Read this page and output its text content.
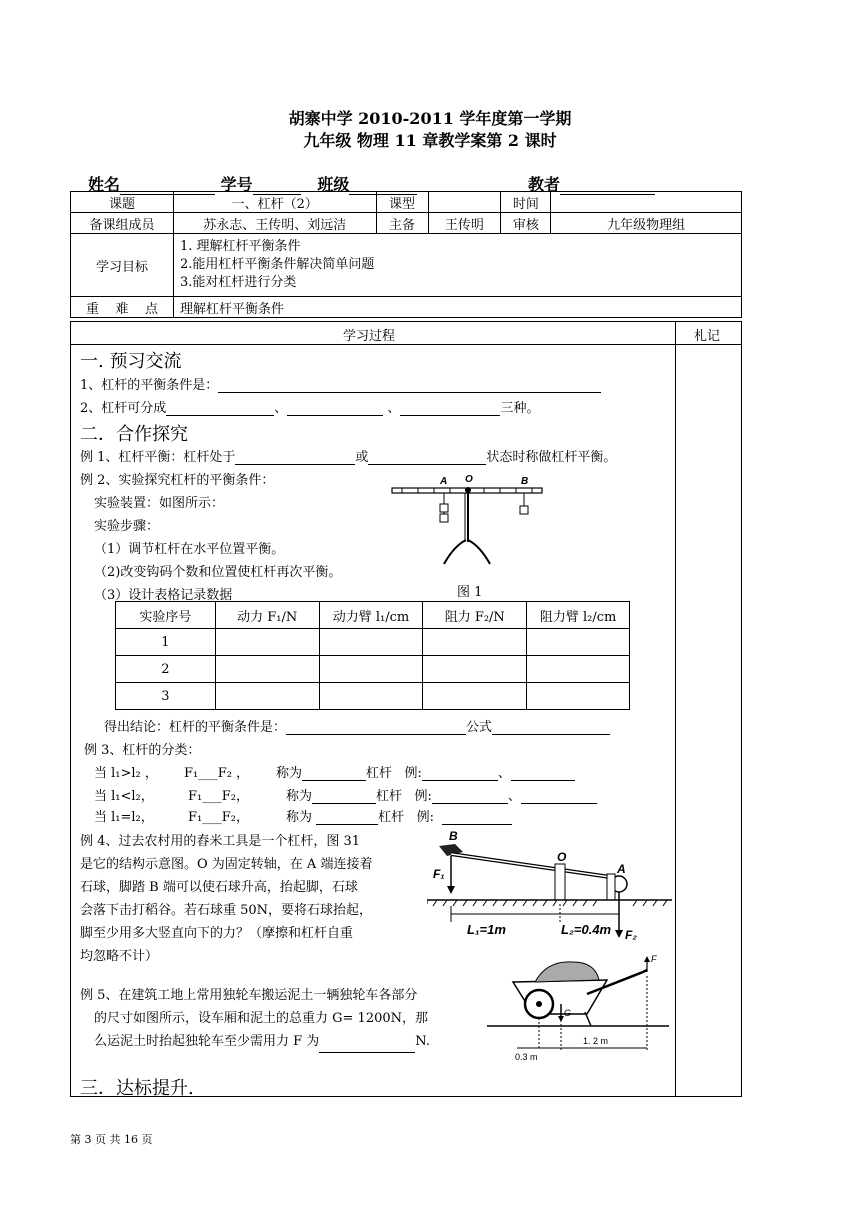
胡寨中学 2010-2011 学年度第一学期
九年级 物理 11 章教学案第 2 课时
姓名	学号	班级	教者
课题	一、杠杆（2）	课型		时间	
备课组成员	苏永志、王传明、刘远洁	主备	王传明	审核	九年级物理组
学习目标	1. 理解杠杆平衡条件
2.能用杠杆平衡条件解决简单问题
3.能对杠杆进行分类				

重    难    点	理解杠杆平衡条件				
学习过程	札记
一. 预习交流
1、杠杆的平衡条件是：
2、杠杆可分成	、	、	三种。
二．合作探究
例 1、杠杆平衡：杠杆处于	或	状态时称做杠杆平衡。
例 2、实验探究杠杆的平衡条件：
实验装置：如图所示：
实验步骤：
（1）调节杠杆在水平位置平衡。
（2)改变钩码个数和位置使杠杆再次平衡。
（3）设计表格记录数据	图 1
A O	B
实验序号	动力 F₁/N	动力臂 l₁/cm	阻力 F₂/N	阻力臂 l₂/cm
1				
2				
3				
得出结论：杠杆的平衡条件是：	公式
例 3、杠杆的分类：
当 l₁>l₂ ， F₁___F₂ ， 称为	杠杆 例:	、
当 l₁<l₂，	F₁___F₂，	称为	杠杆 例:	、
当 l₁=l₂，	F₁___F₂，	称为	杠杆 例:
例 4、过去农村用的舂米工具是一个杠杆，图 31
是它的结构示意图。O 为固定转轴，在 A 端连接着
石球，脚踏 B 端可以使石球升高，抬起脚，石球
会落下击打稻谷。若石球重 50N，要将石球抬起，
脚至少用多大竖直向下的力？（摩擦和杠杆自重
均忽略不计）
B
O
A
F₁
L₁=1m	L₂=0.4m F₂
例 5、在建筑工地上常用独轮车搬运泥土一辆独轮车各部分
的尺寸如图所示，设车厢和泥土的总重力 G= 1200N，那
么运泥土时抬起独轮车至少需用力 F 为	N.
F
G
0.3 m
1. 2 m
三．达标提升.
第 3 页 共 16 页
